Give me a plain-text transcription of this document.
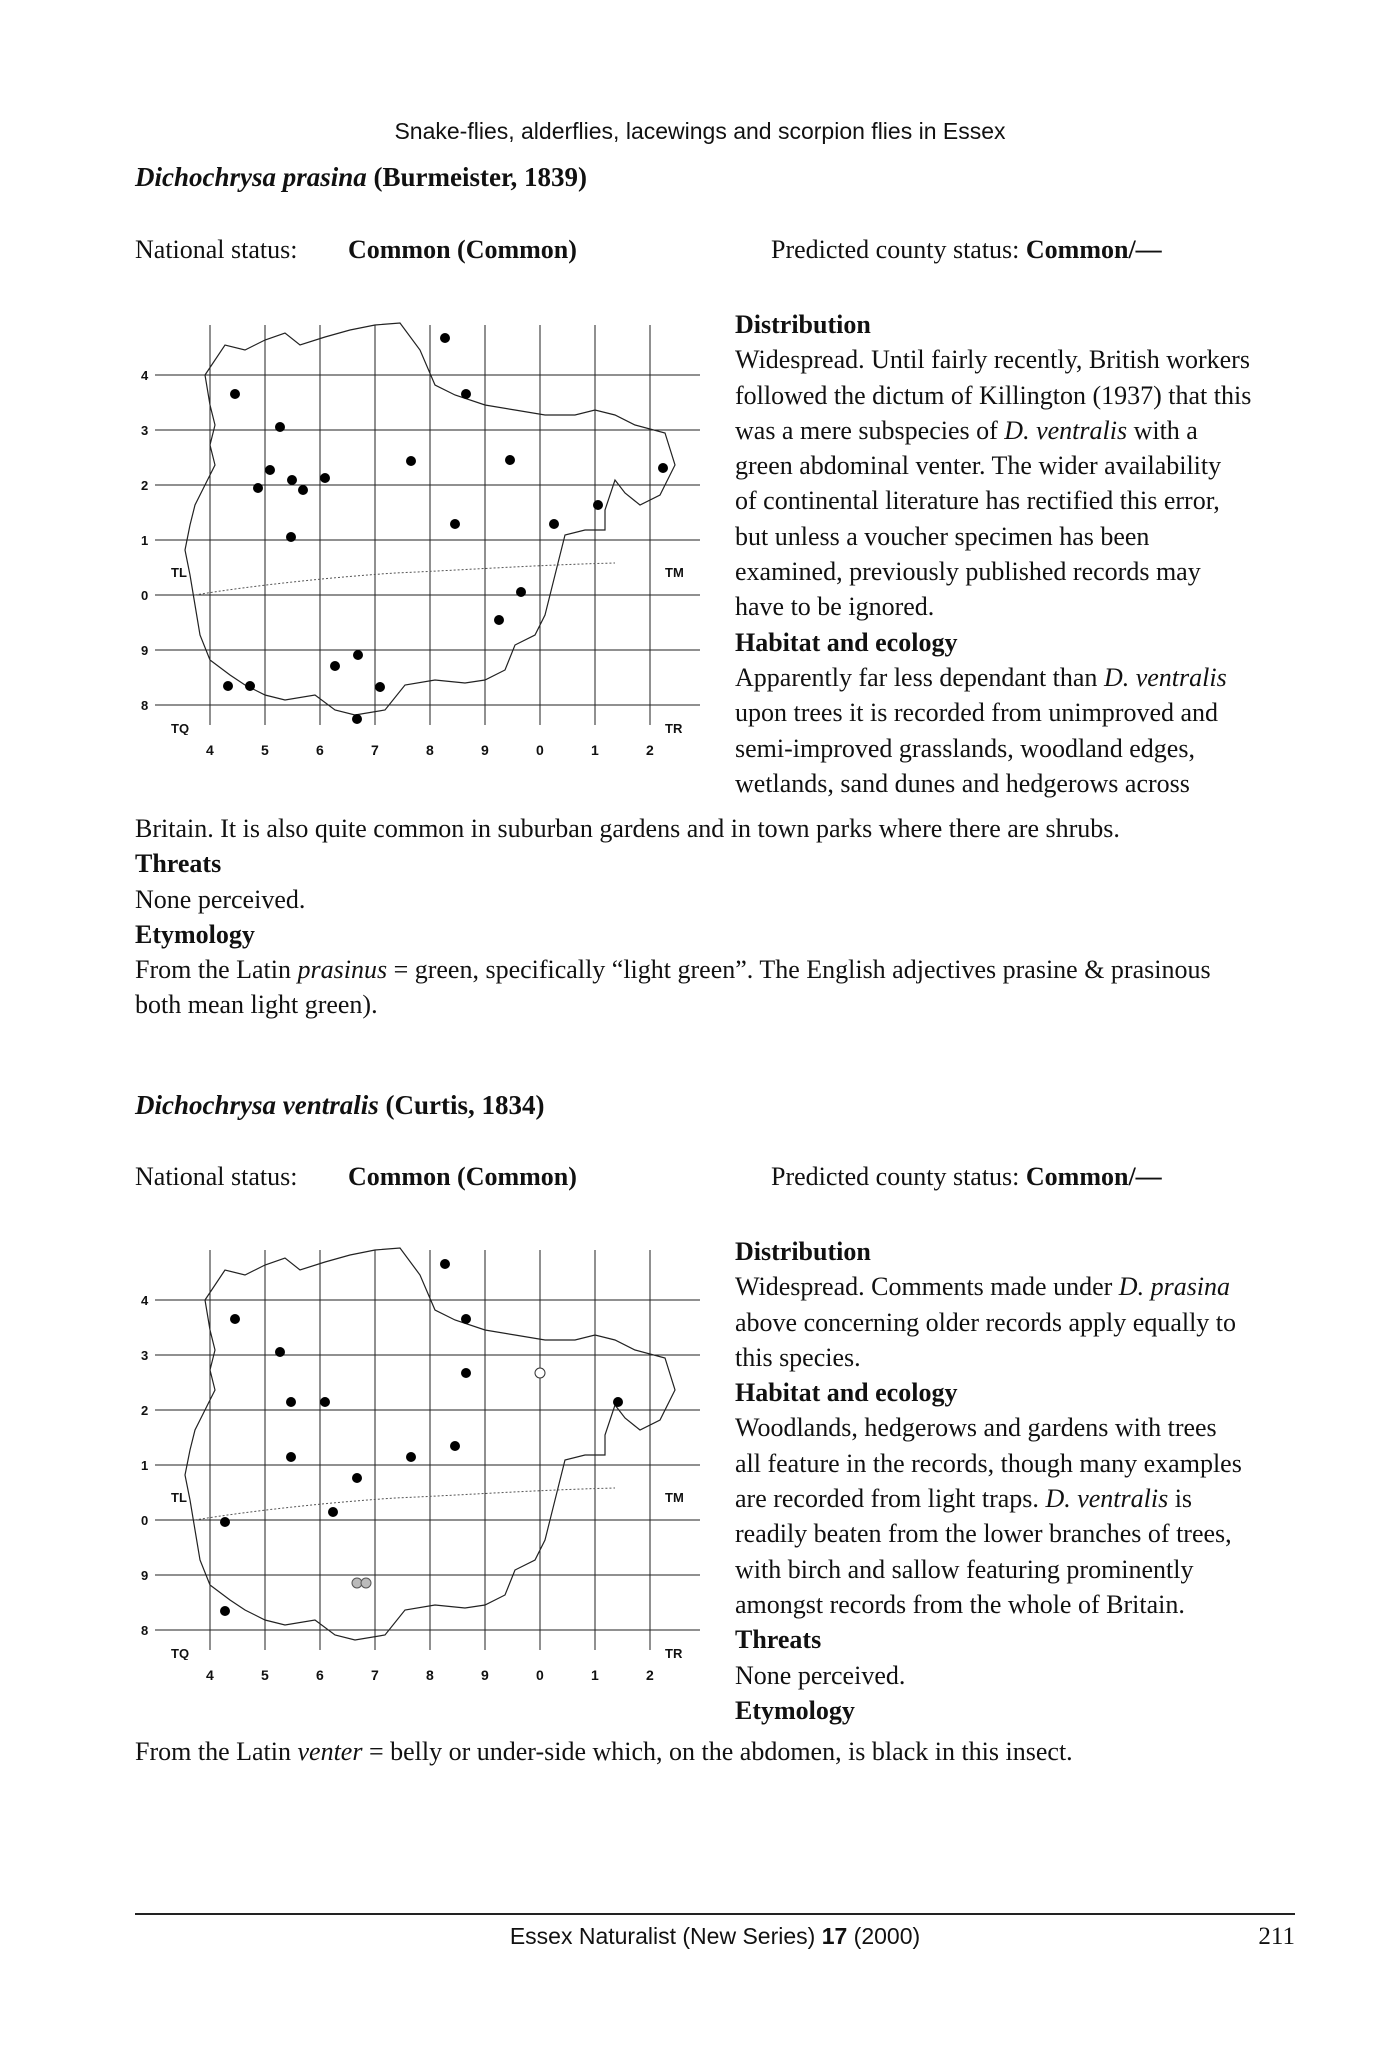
Snake-flies, alderflies, lacewings and scorpion flies in Essex
Dichochrysa prasina (Burmeister, 1839)
National status: Common (Common)	Predicted county status: Common/—
4
3
2
1
0
9
8
TL	TM
TQ	TR
4	5	6	7	8	9	0	1	2
Distribution
Widespread. Until fairly recently, British workers
followed the dictum of Killington (1937) that this
was a mere subspecies of D. ventralis with a
green abdominal venter. The wider availability
of continental literature has rectified this error,
but unless a voucher specimen has been
examined, previously published records may
have to be ignored.
Habitat and ecology
Apparently far less dependant than D. ventralis
upon trees it is recorded from unimproved and
semi-improved grasslands, woodland edges,
wetlands, sand dunes and hedgerows across
Britain. It is also quite common in suburban gardens and in town parks where there are shrubs.
Threats
None perceived.
Etymology
From the Latin prasinus = green, specifically “light green”. The English adjectives prasine & prasinous
both mean light green).
Dichochrysa ventralis (Curtis, 1834)
National status: Common (Common)	Predicted county status: Common/—
4
3
2
1
0
9
8
TL	TM
TQ	TR
4	5	6	7	8	9	0	1	2
Distribution
Widespread. Comments made under D. prasina
above concerning older records apply equally to
this species.
Habitat and ecology
Woodlands, hedgerows and gardens with trees
all feature in the records, though many examples
are recorded from light traps. D. ventralis is
readily beaten from the lower branches of trees,
with birch and sallow featuring prominently
amongst records from the whole of Britain.
Threats
None perceived.
Etymology
From the Latin venter = belly or under-side which, on the abdomen, is black in this insect.
Essex Naturalist (New Series) 17 (2000)	211
